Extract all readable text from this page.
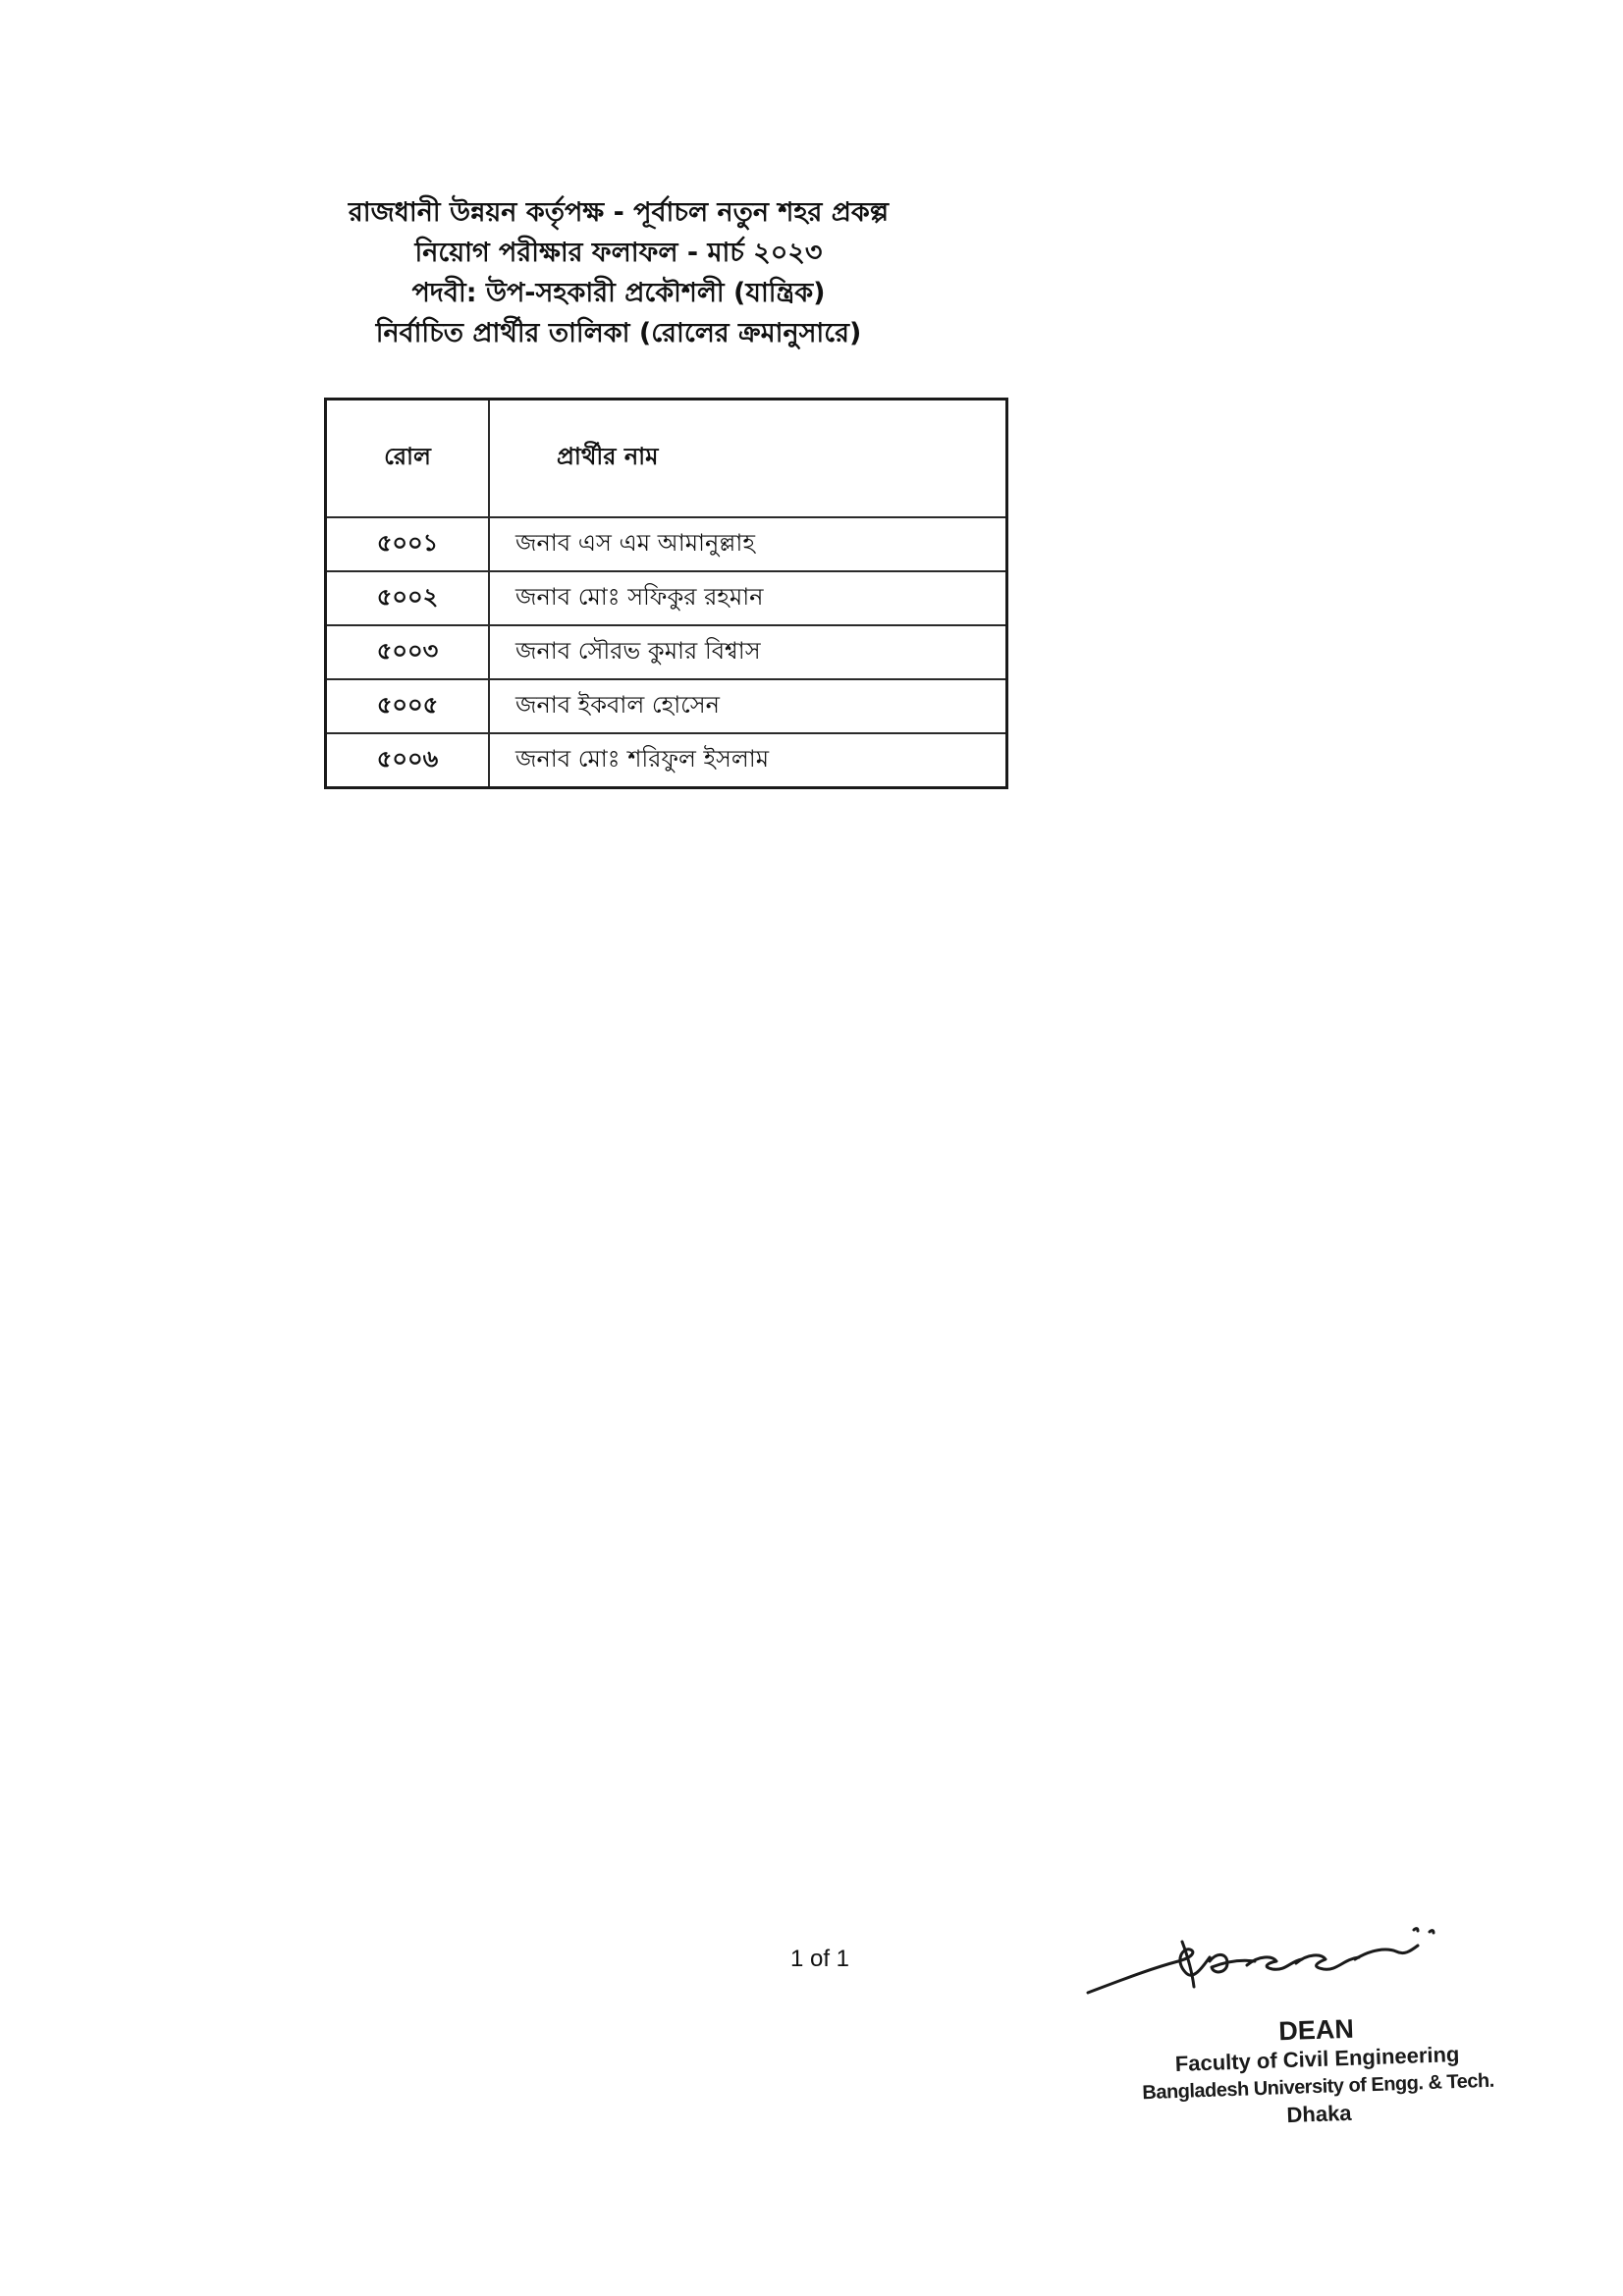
রাজধানী উন্নয়ন কর্তৃপক্ষ - পূর্বাচল নতুন শহর প্রকল্প
নিয়োগ পরীক্ষার ফলাফল - মার্চ ২০২৩
পদবী: উপ-সহকারী প্রকৌশলী (যান্ত্রিক)
নির্বাচিত প্রার্থীর তালিকা (রোলের ক্রমানুসারে)
রোল	প্রার্থীর নাম
৫০০১	জনাব এস এম আমানুল্লাহ
৫০০২	জনাব মোঃ সফিকুর রহমান
৫০০৩	জনাব সৌরভ কুমার বিশ্বাস
৫০০৫	জনাব ইকবাল হোসেন
৫০০৬	জনাব মোঃ শরিফুল ইসলাম
1 of 1
DEAN
Faculty of Civil Engineering
Bangladesh University of Engg. & Tech.
Dhaka
